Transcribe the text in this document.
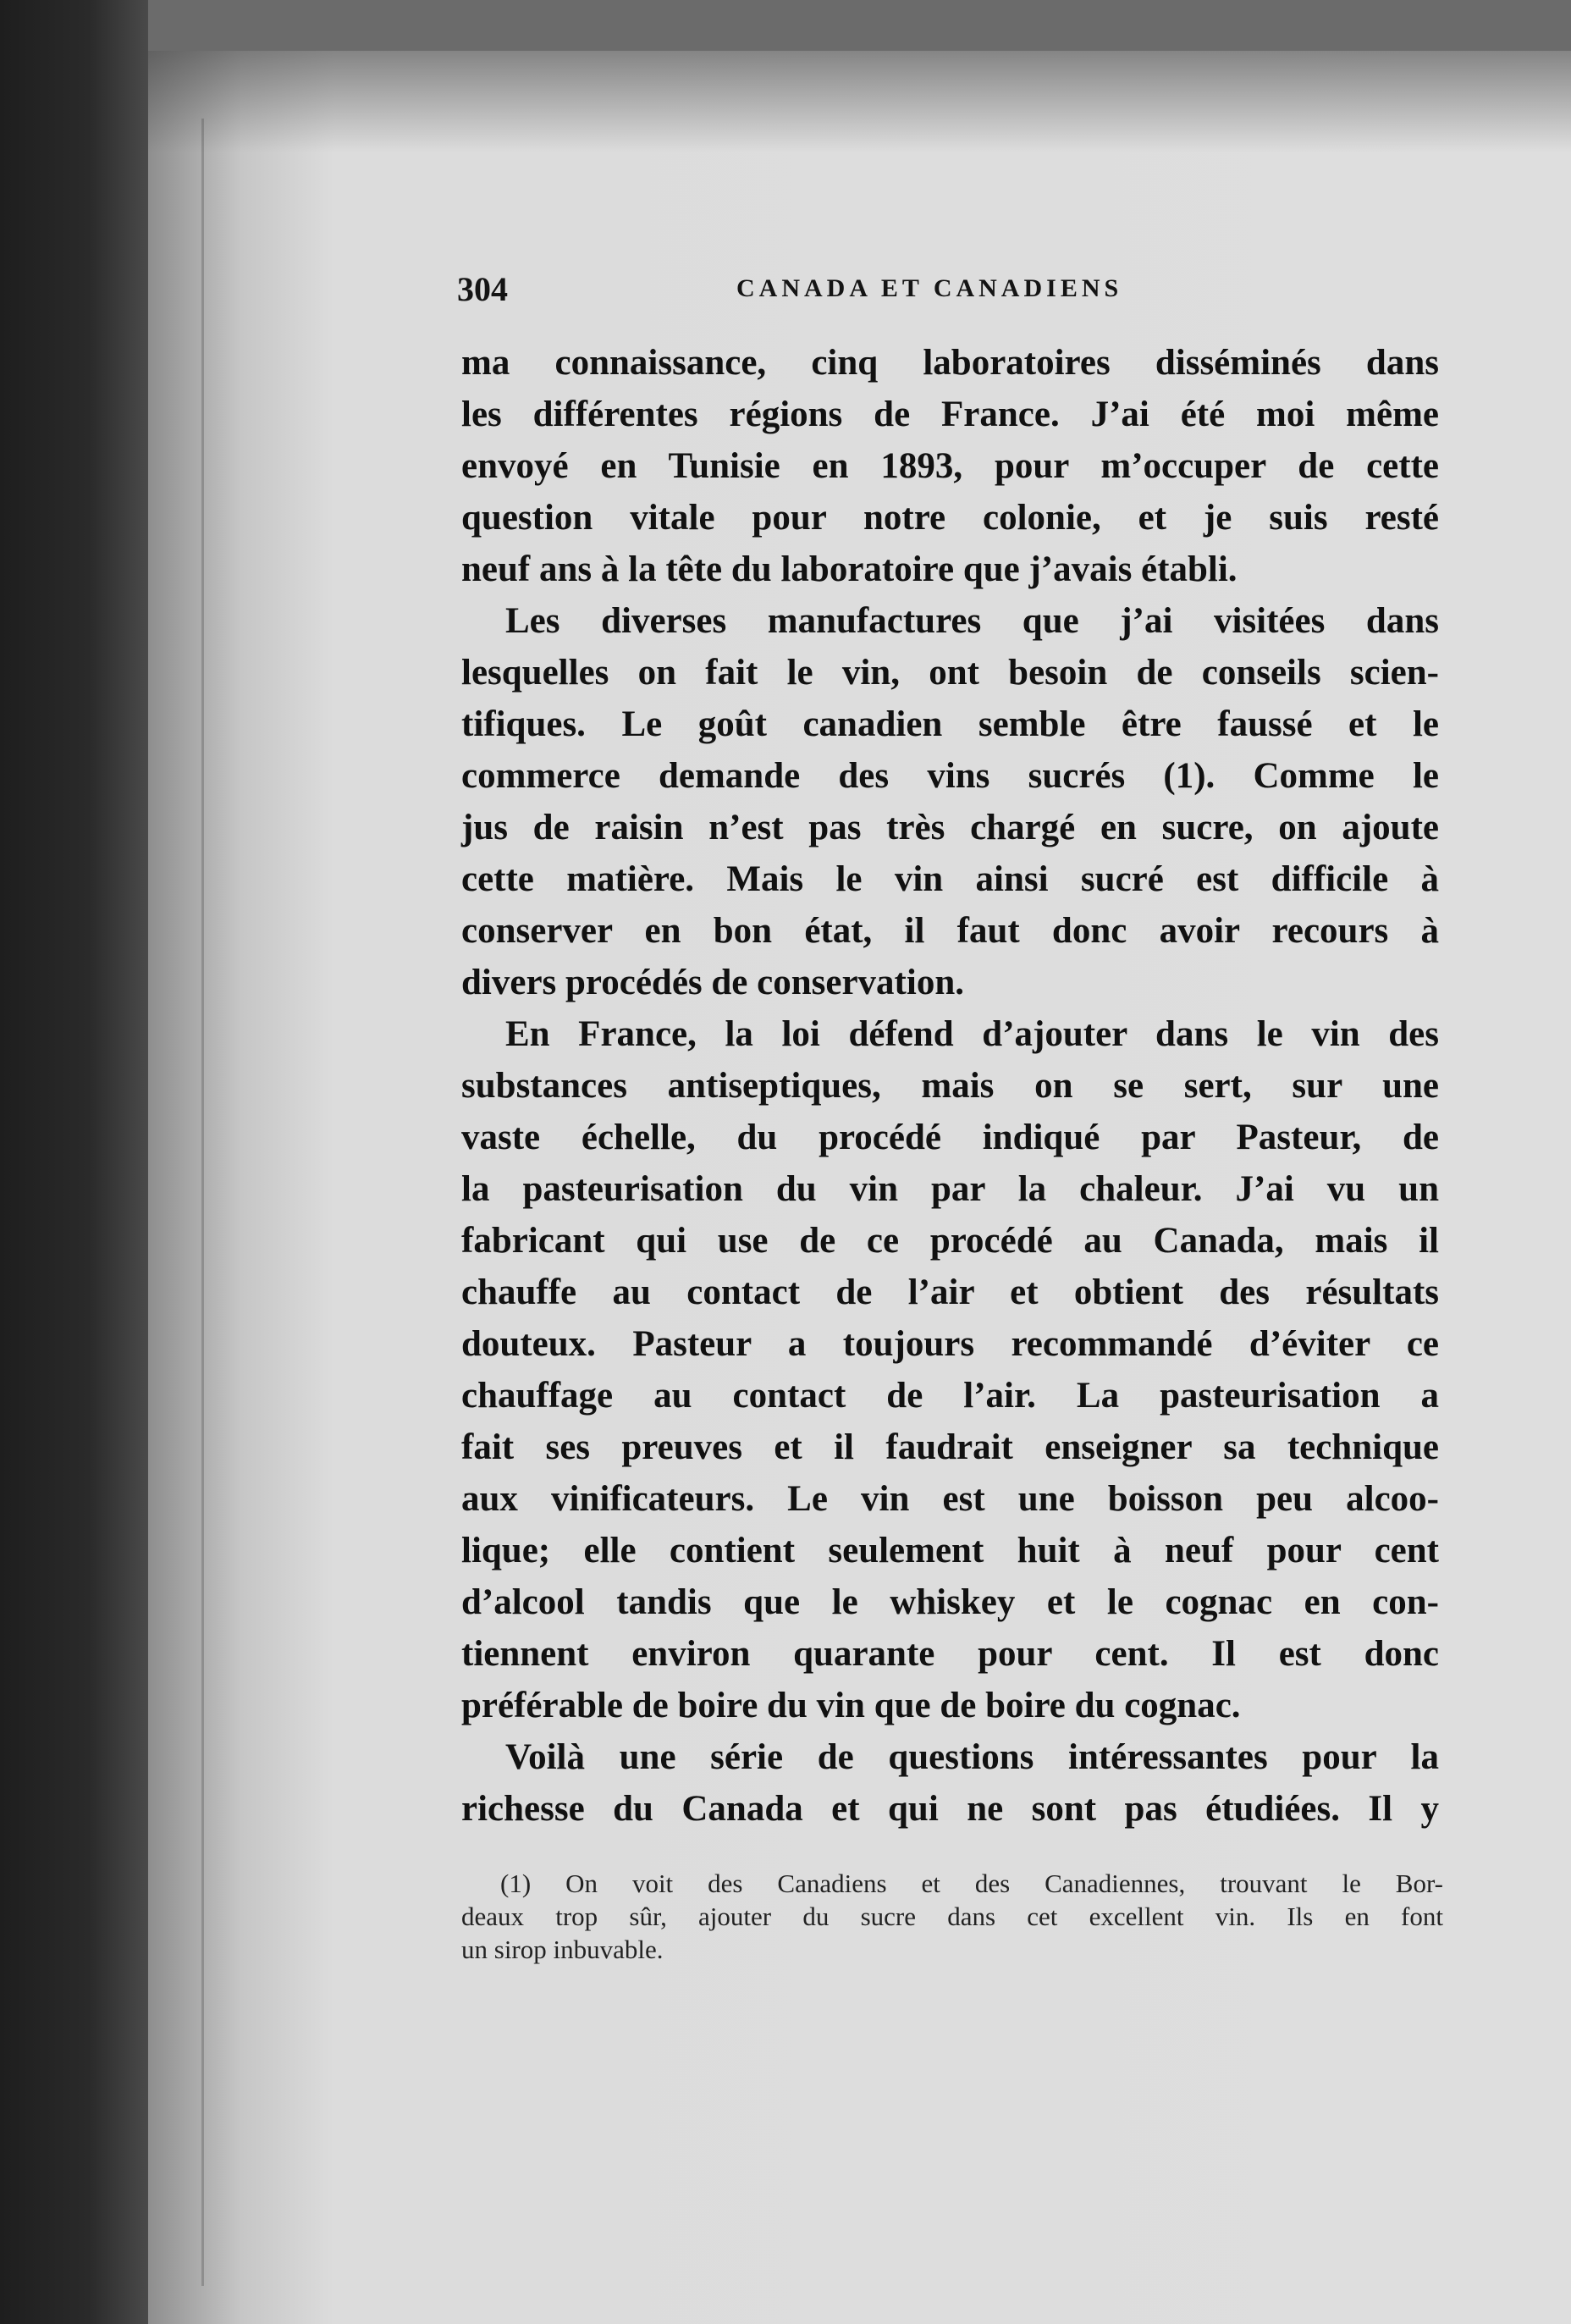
304	CANADA ET CANADIENS
ma connaissance, cinq laboratoires disséminés dans
les différentes régions de France. J’ai été moi même
envoyé en Tunisie en 1893, pour m’occuper de cette
question vitale pour notre colonie, et je suis resté
neuf ans à la tête du laboratoire que j’avais établi.
Les diverses manufactures que j’ai visitées dans
lesquelles on fait le vin, ont besoin de conseils scien-
tifiques. Le goût canadien semble être faussé et le
commerce demande des vins sucrés (1). Comme le
jus de raisin n’est pas très chargé en sucre, on ajoute
cette matière. Mais le vin ainsi sucré est difficile à
conserver en bon état, il faut donc avoir recours à
divers procédés de conservation.
En France, la loi défend d’ajouter dans le vin des
substances antiseptiques, mais on se sert, sur une
vaste échelle, du procédé indiqué par Pasteur, de
la pasteurisation du vin par la chaleur. J’ai vu un
fabricant qui use de ce procédé au Canada, mais il
chauffe au contact de l’air et obtient des résultats
douteux. Pasteur a toujours recommandé d’éviter ce
chauffage au contact de l’air. La pasteurisation a
fait ses preuves et il faudrait enseigner sa technique
aux vinificateurs. Le vin est une boisson peu alcoo-
lique; elle contient seulement huit à neuf pour cent
d’alcool tandis que le whiskey et le cognac en con-
tiennent environ quarante pour cent. Il est donc
préférable de boire du vin que de boire du cognac.
Voilà une série de questions intéressantes pour la
richesse du Canada et qui ne sont pas étudiées. Il y
(1) On voit des Canadiens et des Canadiennes, trouvant le Bor-
deaux trop sûr, ajouter du sucre dans cet excellent vin. Ils en font
un sirop inbuvable.
